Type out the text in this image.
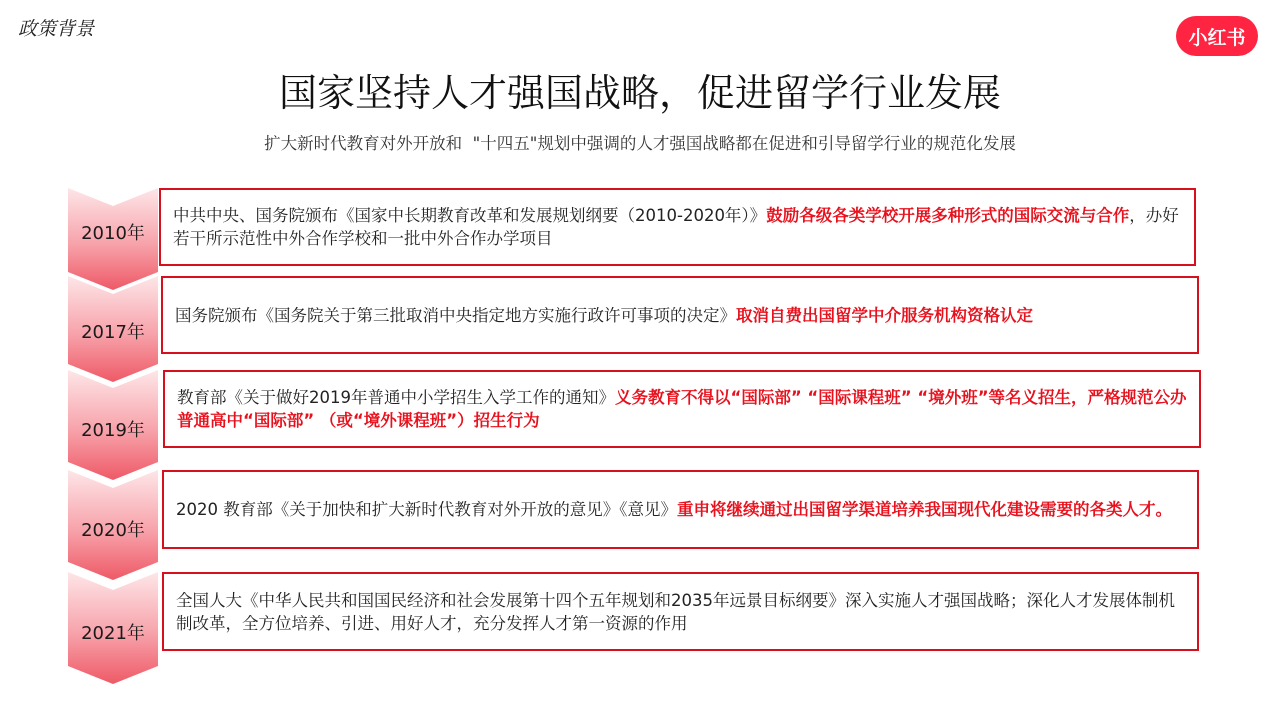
政策背景	小红书
国家坚持人才强国战略，促进留学行业发展
扩大新时代教育对外开放和  "十四五"规划中强调的人才强国战略都在促进和引导留学行业的规范化发展
2010年
中共中央、国务院颁布《国家中长期教育改革和发展规划纲要（2010-2020年）》鼓励各级各类学校开展多种形式的国际交流与合作，办好若干所示范性中外合作学校和一批中外合作办学项目
2017年
国务院颁布《国务院关于第三批取消中央指定地方实施行政许可事项的决定》取消自费出国留学中介服务机构资格认定
2019年
教育部《关于做好2019年普通中小学招生入学工作的通知》义务教育不得以“国际部” “国际课程班” “境外班”等名义招生，严格规范公办普通高中“国际部” （或“境外课程班”）招生行为
2020年
2020 教育部《关于加快和扩大新时代教育对外开放的意见》《意见》重申将继续通过出国留学渠道培养我国现代化建设需要的各类人才。
2021年
全国人大《中华人民共和国国民经济和社会发展第十四个五年规划和2035年远景目标纲要》深入实施人才强国战略；深化人才发展体制机制改革，全方位培养、引进、用好人才，充分发挥人才第一资源的作用
